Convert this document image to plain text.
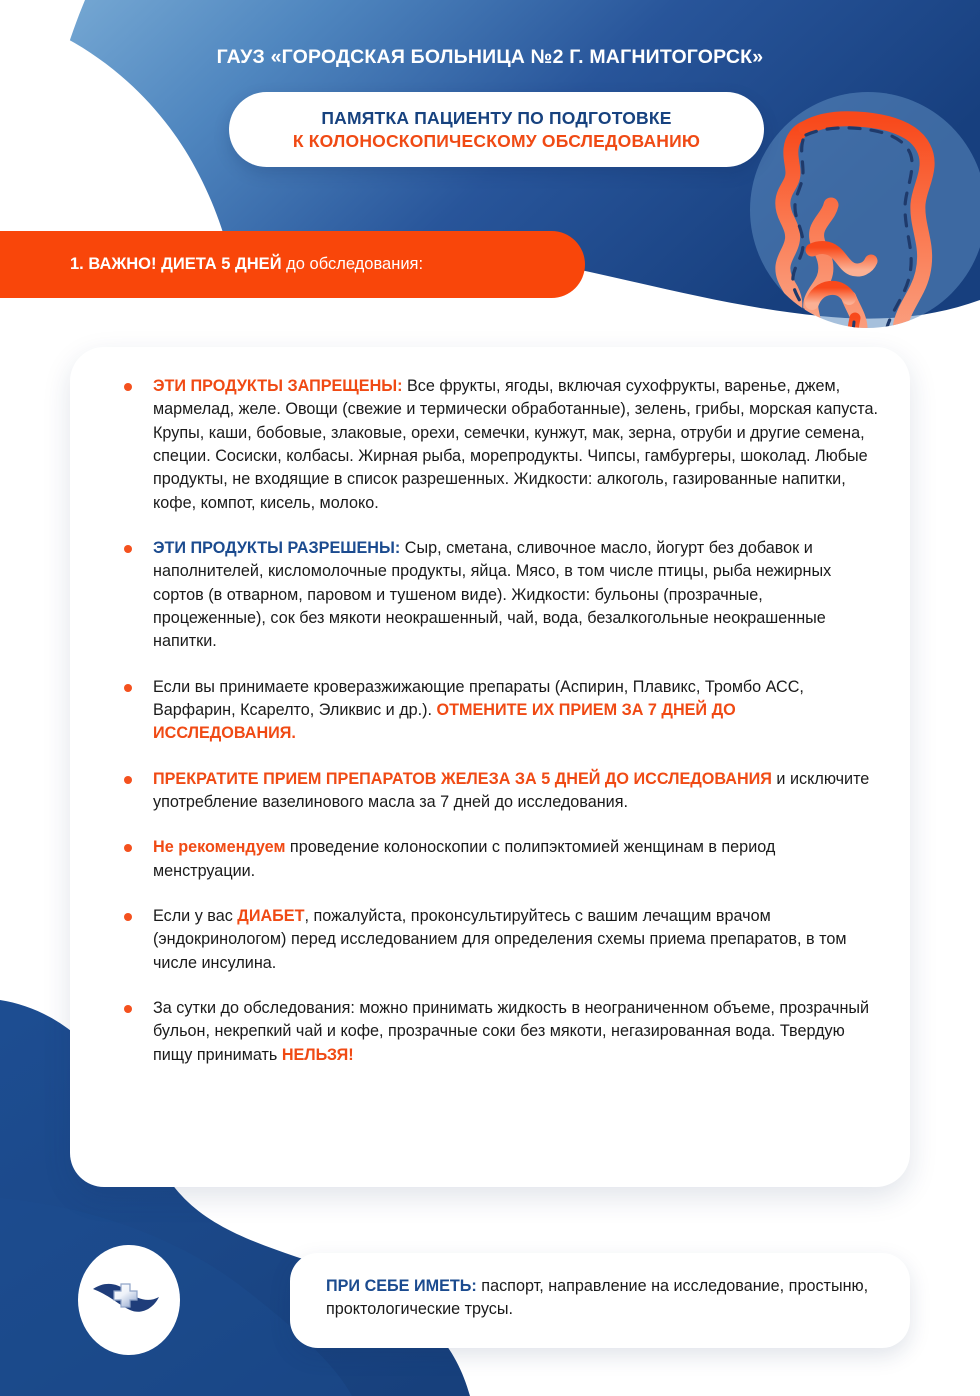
ГАУЗ «ГОРОДСКАЯ БОЛЬНИЦА №2 Г. МАГНИТОГОРСК»
ПАМЯТКА ПАЦИЕНТУ ПО ПОДГОТОВКЕ
К КОЛОНОСКОПИЧЕСКОМУ ОБСЛЕДОВАНИЮ
1. ВАЖНО! ДИЕТА 5 ДНЕЙ до обследования:
ЭТИ ПРОДУКТЫ ЗАПРЕЩЕНЫ: Все фрукты, ягоды, включая сухофрукты, варенье, джем, мармелад, желе. Овощи (свежие и термически обработанные), зелень, грибы, морская капуста. Крупы, каши, бобовые, злаковые, орехи, семечки, кунжут, мак, зерна, отруби и другие семена, специи. Сосиски, колбасы. Жирная рыба, морепродукты. Чипсы, гамбургеры, шоколад. Любые продукты, не входящие в список разрешенных. Жидкости: алкоголь, газированные напитки, кофе, компот, кисель, молоко.
ЭТИ ПРОДУКТЫ РАЗРЕШЕНЫ: Сыр, сметана, сливочное масло, йогурт без добавок и наполнителей, кисломолочные продукты, яйца. Мясо, в том числе птицы, рыба нежирных сортов (в отварном, паровом и тушеном виде). Жидкости: бульоны (прозрачные, процеженные), сок без мякоти неокрашенный, чай, вода, безалкогольные неокрашенные напитки.
Если вы принимаете кроверазжижающие препараты (Аспирин, Плавикс, Тромбо АСС, Варфарин, Ксарелто, Эликвис и др.). ОТМЕНИТЕ ИХ ПРИЕМ ЗА 7 ДНЕЙ ДО ИССЛЕДОВАНИЯ.
ПРЕКРАТИТЕ ПРИЕМ ПРЕПАРАТОВ ЖЕЛЕЗА ЗА 5 ДНЕЙ ДО ИССЛЕДОВАНИЯ и исключите употребление вазелинового масла за 7 дней до исследования.
Не рекомендуем проведение колоноскопии с полипэктомией женщинам в период менструации.
Если у вас ДИАБЕТ, пожалуйста, проконсультируйтесь с вашим лечащим врачом (эндокринологом) перед исследованием для определения схемы приема препаратов, в том числе инсулина.
За сутки до обследования: можно принимать жидкость в неограниченном объеме, прозрачный бульон, некрепкий чай и кофе, прозрачные соки без мякоти, негазированная вода. Твердую пищу принимать НЕЛЬЗЯ!
ПРИ СЕБЕ ИМЕТЬ: паспорт, направление на исследование, простыню, проктологические трусы.
